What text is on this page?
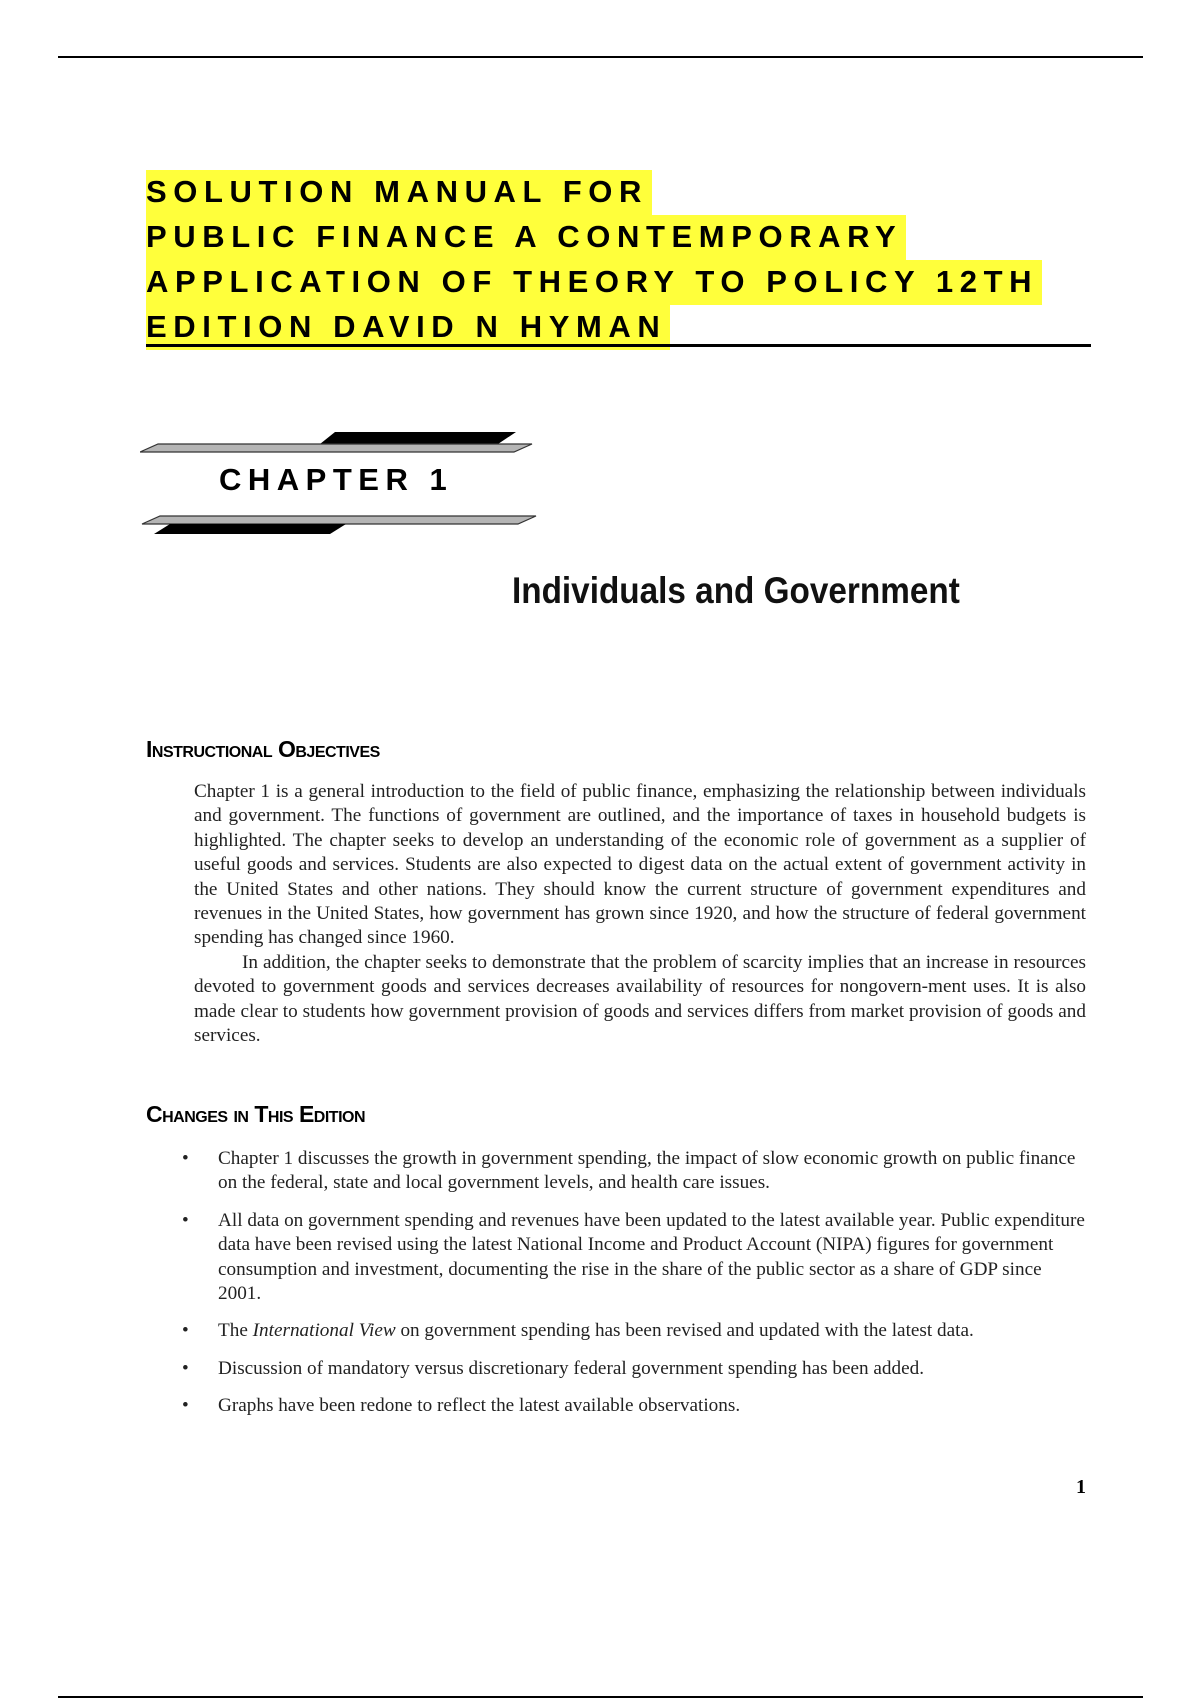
SOLUTION MANUAL FOR
PUBLIC FINANCE A CONTEMPORARY
APPLICATION OF THEORY TO POLICY 12TH
EDITION DAVID N HYMAN
CHAPTER 1
Individuals and Government
Instructional Objectives

Chapter 1 is a general introduction to the field of public finance, emphasizing the relationship between individuals and government. The functions of government are outlined, and the importance of taxes in household budgets is highlighted. The chapter seeks to develop an understanding of the economic role of government as a supplier of useful goods and services. Students are also expected to digest data on the actual extent of government activity in the United States and other nations. They should know the current structure of government expenditures and revenues in the United States, how government has grown since 1920, and how the structure of federal government spending has changed since 1960.

In addition, the chapter seeks to demonstrate that the problem of scarcity implies that an increase in resources devoted to government goods and services decreases availability of resources for nongovern-ment uses. It is also made clear to students how government provision of goods and services differs from market provision of goods and services.

Changes in This Edition
• Chapter 1 discusses the growth in government spending, the impact of slow economic growth on public finance on the federal, state and local government levels, and health care issues.
• All data on government spending and revenues have been updated to the latest available year. Public expenditure data have been revised using the latest National Income and Product Account (NIPA) figures for government consumption and investment, documenting the rise in the share of the public sector as a share of GDP since 2001.
• The International View on government spending has been revised and updated with the latest data.
• Discussion of mandatory versus discretionary federal government spending has been added.
• Graphs have been redone to reflect the latest available observations.
1
